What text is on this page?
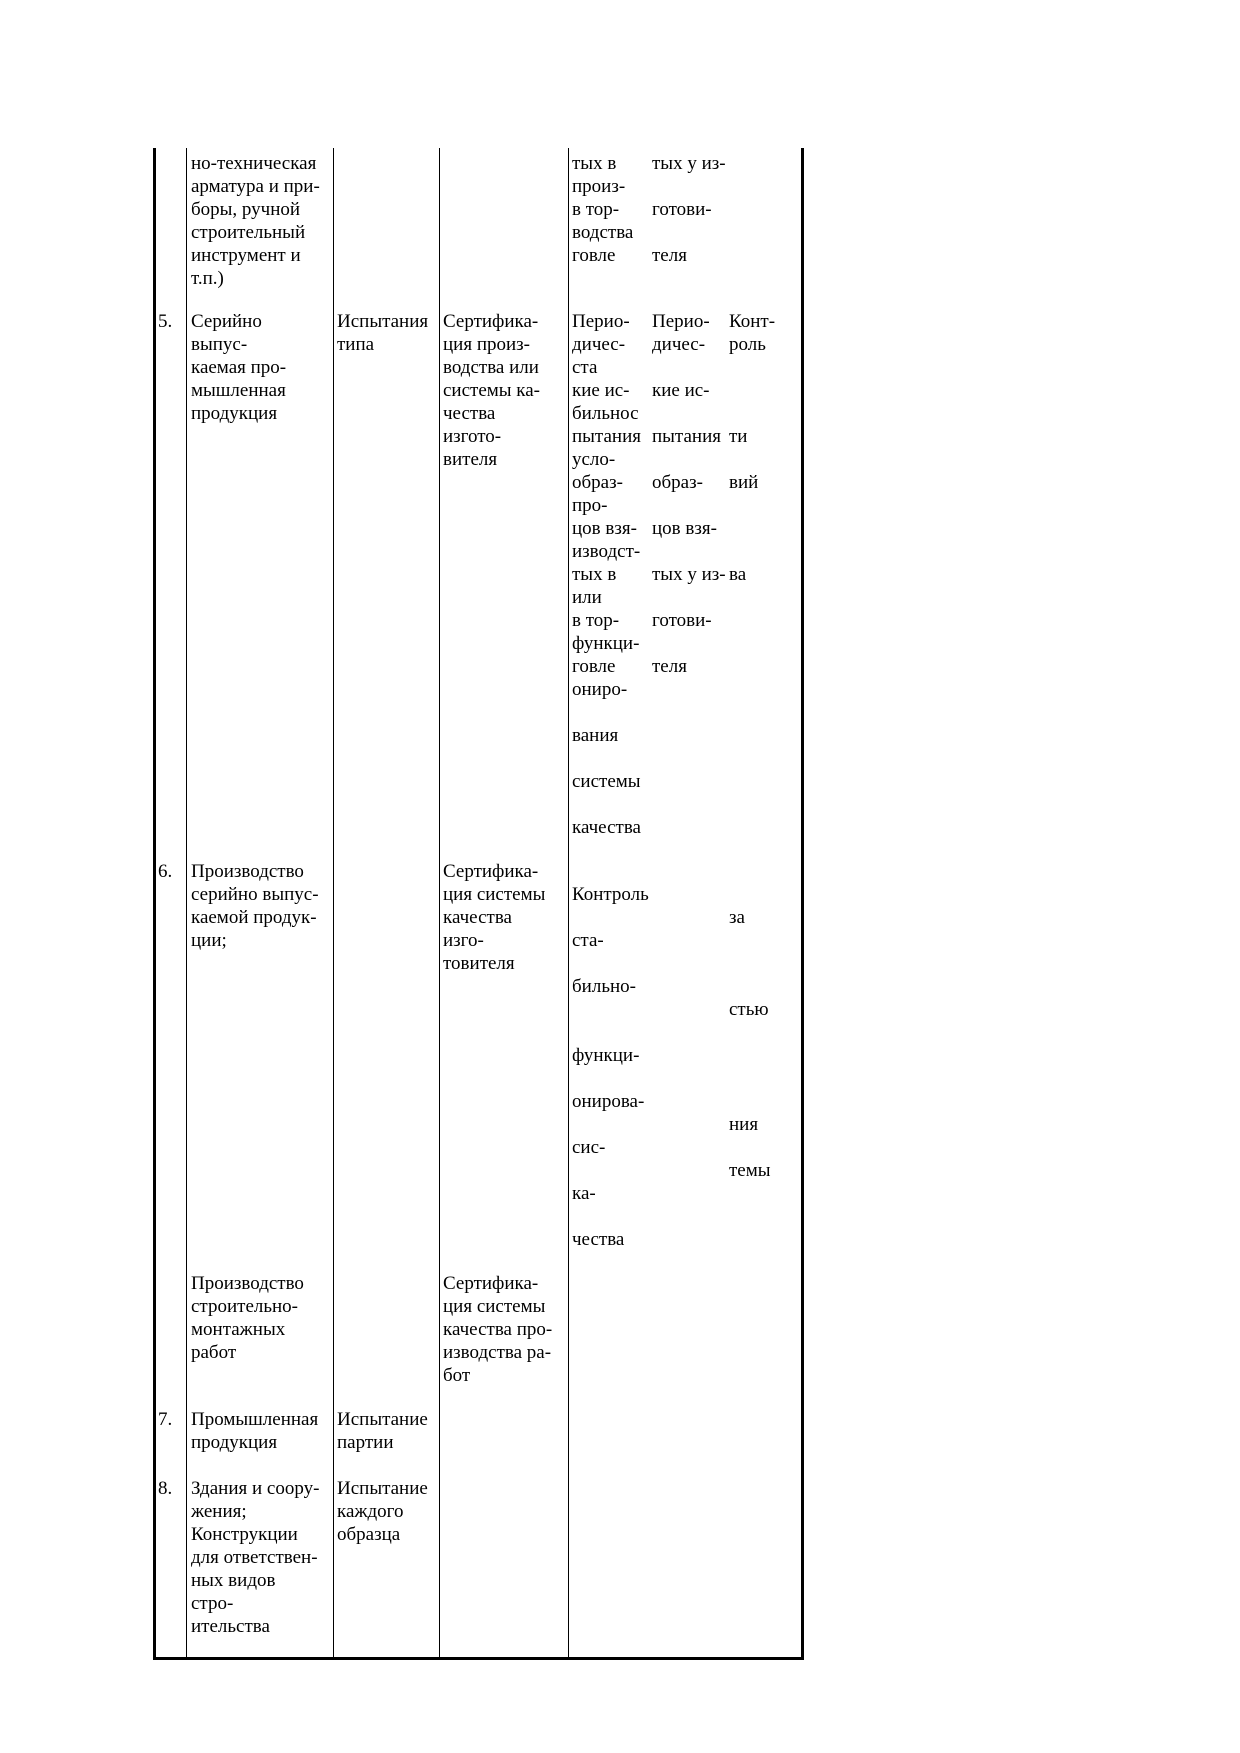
но-техническая
арматура и при-
боры, ручной
строительный
инструмент и
т.п.)
тых в
произ-
в тор-
водства
говле
тых у из-
готови-
теля
5. Серийно
выпус-
каемая про-
мышленная
продукция
Испытания
типа
Сертифика-
ция произ-
водства или
системы ка-
чества
изгото-
вителя
Перио-
дичес-
ста
кие ис-
бильнос
пытания
усло-
образ-
про-
цов взя-
изводст-
тых в
или
в тор-
функци-
говле
ониро-
вания
системы
качества
Перио-
дичес-
кие ис-
пытания
образ-
цов взя-
тых у из-
готови-
теля
Конт-
роль
ти
вий
ва
6. Производство
серийно выпус-
каемой продук-
ции;
Сертифика-
ция системы
качества
изго-
товителя
Контроль
ста-
бильно-
функци-
онирова-
сис-
ка-
чества
за
стью
ния
темы
Производство
строительно-
монтажных
работ
Сертифика-
ция системы
качества про-
изводства ра-
бот
7. Промышленная
продукция
Испытание
партии
8. Здания и соору-
жения;
Конструкции
для ответствен-
ных видов
стро-
ительства
Испытание
каждого
образца
